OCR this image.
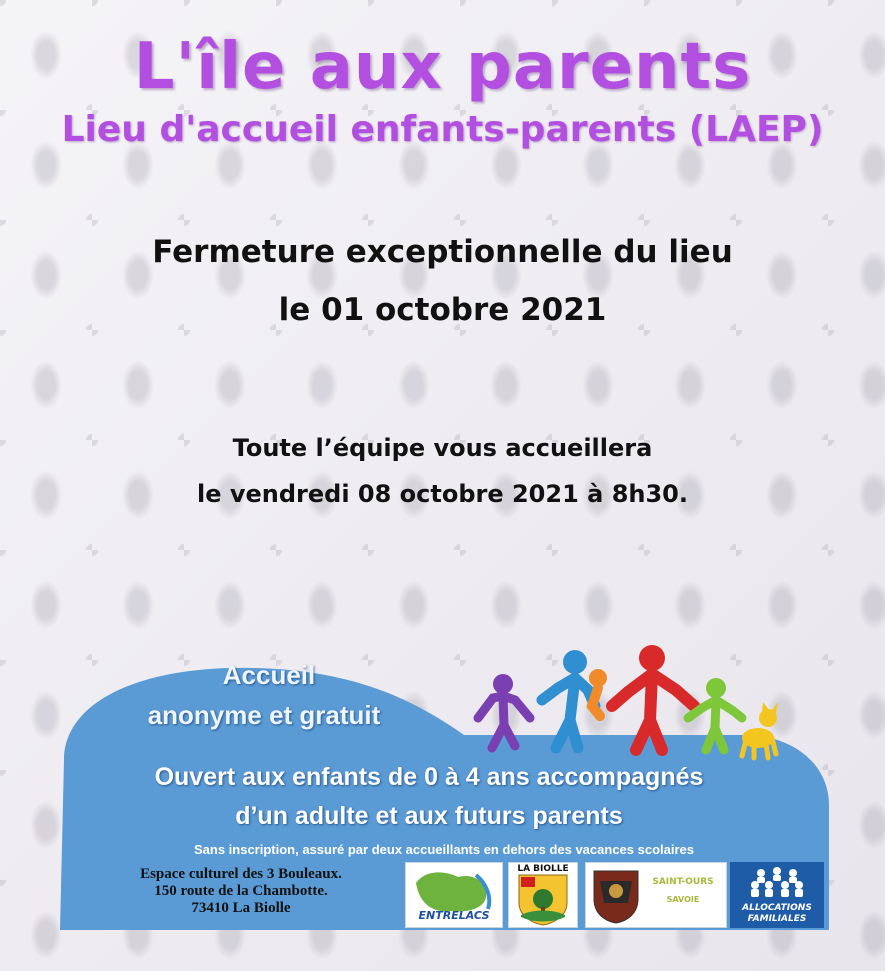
L'île aux parents
Lieu d'accueil enfants-parents (LAEP)

Fermeture exceptionnelle du lieu

le 01 octobre 2021

Toute l’équipe vous accueillera

le vendredi 08 octobre 2021 à 8h30.

Accueil

anonyme et gratuit

Ouvert aux enfants de 0 à 4 ans accompagnés

d’un adulte et aux futurs parents

Sans inscription, assuré par deux accueillants en dehors des vacances scolaires

Espace culturel des 3 Bouleaux.
150 route de la Chambotte.
73410 La Biolle	ENTRELACS

LA BIOLLE

SAINT-OURS

SAVOIE

ALLOCATIONS

FAMILIALES
